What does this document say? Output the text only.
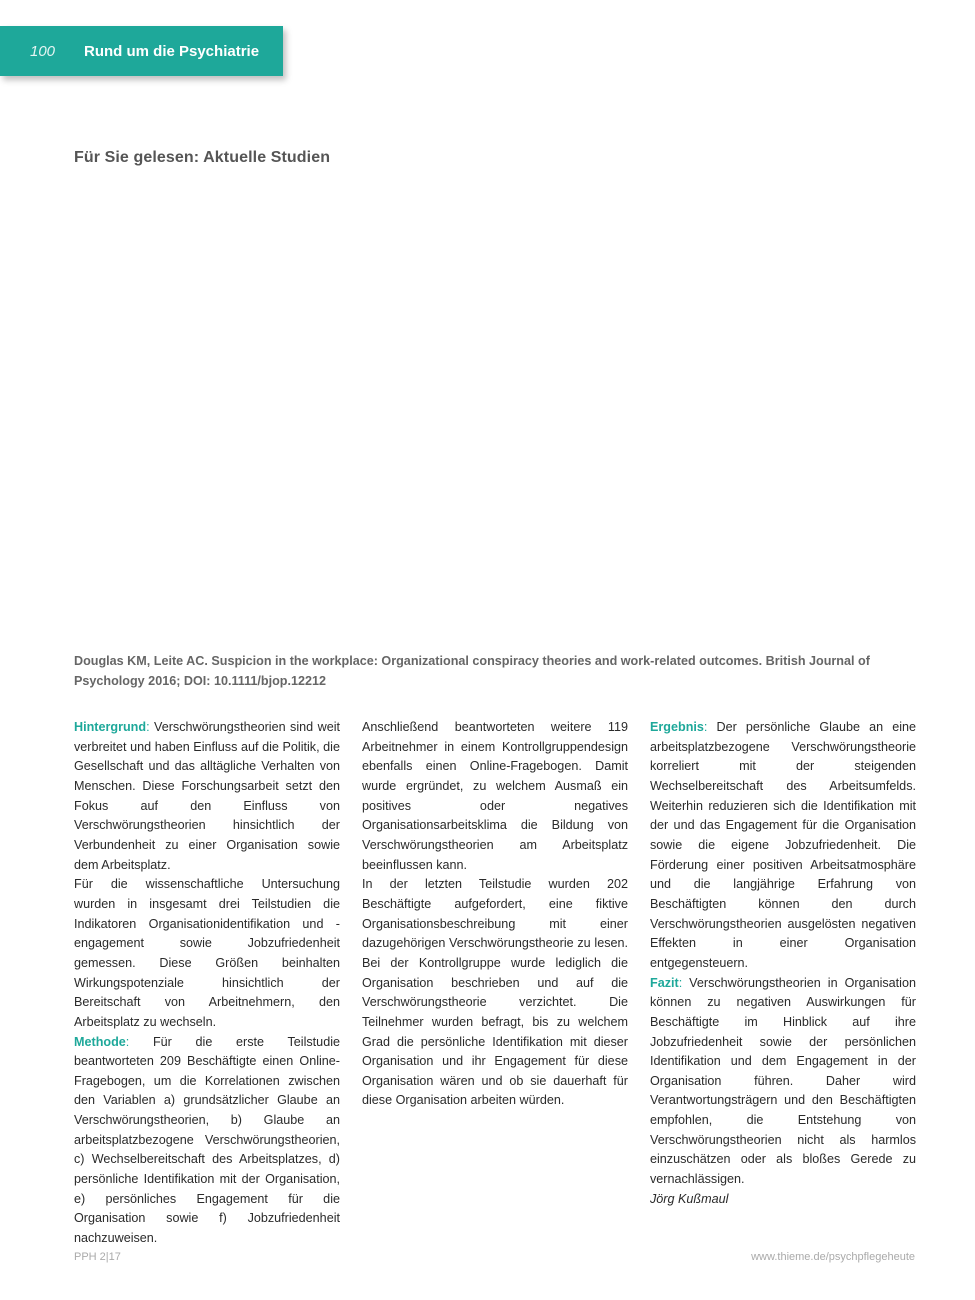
100 Rund um die Psychiatrie
Für Sie gelesen: Aktuelle Studien
Douglas KM, Leite AC. Suspicion in the workplace: Organizational conspiracy theories and work-related outcomes. British Journal of Psychology 2016; DOI: 10.1111/bjop.12212

Hintergrund: Verschwörungstheorien sind weit verbreitet und haben Einfluss auf die Politik, die Gesellschaft und das alltägliche Verhalten von Menschen. Diese Forschungsarbeit setzt den Fokus auf den Einfluss von Verschwörungstheorien hinsichtlich der Verbundenheit zu einer Organisation sowie dem Arbeitsplatz.

Für die wissenschaftliche Untersuchung wurden in insgesamt drei Teilstudien die Indikatoren Organisationidentifikation und -engagement sowie Jobzufriedenheit gemessen. Diese Größen beinhalten Wirkungspotenziale hinsichtlich der Bereitschaft von Arbeitnehmern, den Arbeitsplatz zu wechseln.

Methode: Für die erste Teilstudie beantworteten 209 Beschäftigte einen Online-Fragebogen, um die Korrelationen zwischen den Variablen a) grundsätzlicher Glaube an Verschwörungstheorien, b) Glaube an arbeitsplatzbezogene Verschwörungstheorien, c) Wechselbereitschaft des Arbeitsplatzes, d) persönliche Identifikation mit der Organisation, e) persönliches Engagement für die Organisation sowie f) Jobzufriedenheit nachzuweisen.

Anschließend beantworteten weitere 119 Arbeitnehmer in einem Kontrollgruppendesign ebenfalls einen Online-Fragebogen. Damit wurde ergründet, zu welchem Ausmaß ein positives oder negatives Organisationsarbeitsklima die Bildung von Verschwörungstheorien am Arbeitsplatz beeinflussen kann.

In der letzten Teilstudie wurden 202 Beschäftigte aufgefordert, eine fiktive Organisationsbeschreibung mit einer dazugehörigen Verschwörungstheorie zu lesen. Bei der Kontrollgruppe wurde lediglich die Organisation beschrieben und auf die Verschwörungstheorie verzichtet. Die Teilnehmer wurden befragt, bis zu welchem Grad die persönliche Identifikation mit dieser Organisation und ihr Engagement für diese Organisation wären und ob sie dauerhaft für diese Organisation arbeiten würden.

Ergebnis: Der persönliche Glaube an eine arbeitsplatzbezogene Verschwörungstheorie korreliert mit der steigenden Wechselbereitschaft des Arbeitsumfelds. Weiterhin reduzieren sich die Identifikation mit der und das Engagement für die Organisation sowie die eigene Jobzufriedenheit. Die Förderung einer positiven Arbeitsatmosphäre und die langjährige Erfahrung von Beschäftigten können den durch Verschwörungstheorien ausgelösten negativen Effekten in einer Organisation entgegensteuern.

Fazit: Verschwörungstheorien in Organisation können zu negativen Auswirkungen für Beschäftigte im Hinblick auf ihre Jobzufriedenheit sowie der persönlichen Identifikation und dem Engagement in der Organisation führen. Daher wird Verantwortungsträgern und den Beschäftigten empfohlen, die Entstehung von Verschwörungstheorien nicht als harmlos einzuschätzen oder als bloßes Gerede zu vernachlässigen.

Jörg Kußmaul

PPH 2|17	www.thieme.de/psychpflegeheute
